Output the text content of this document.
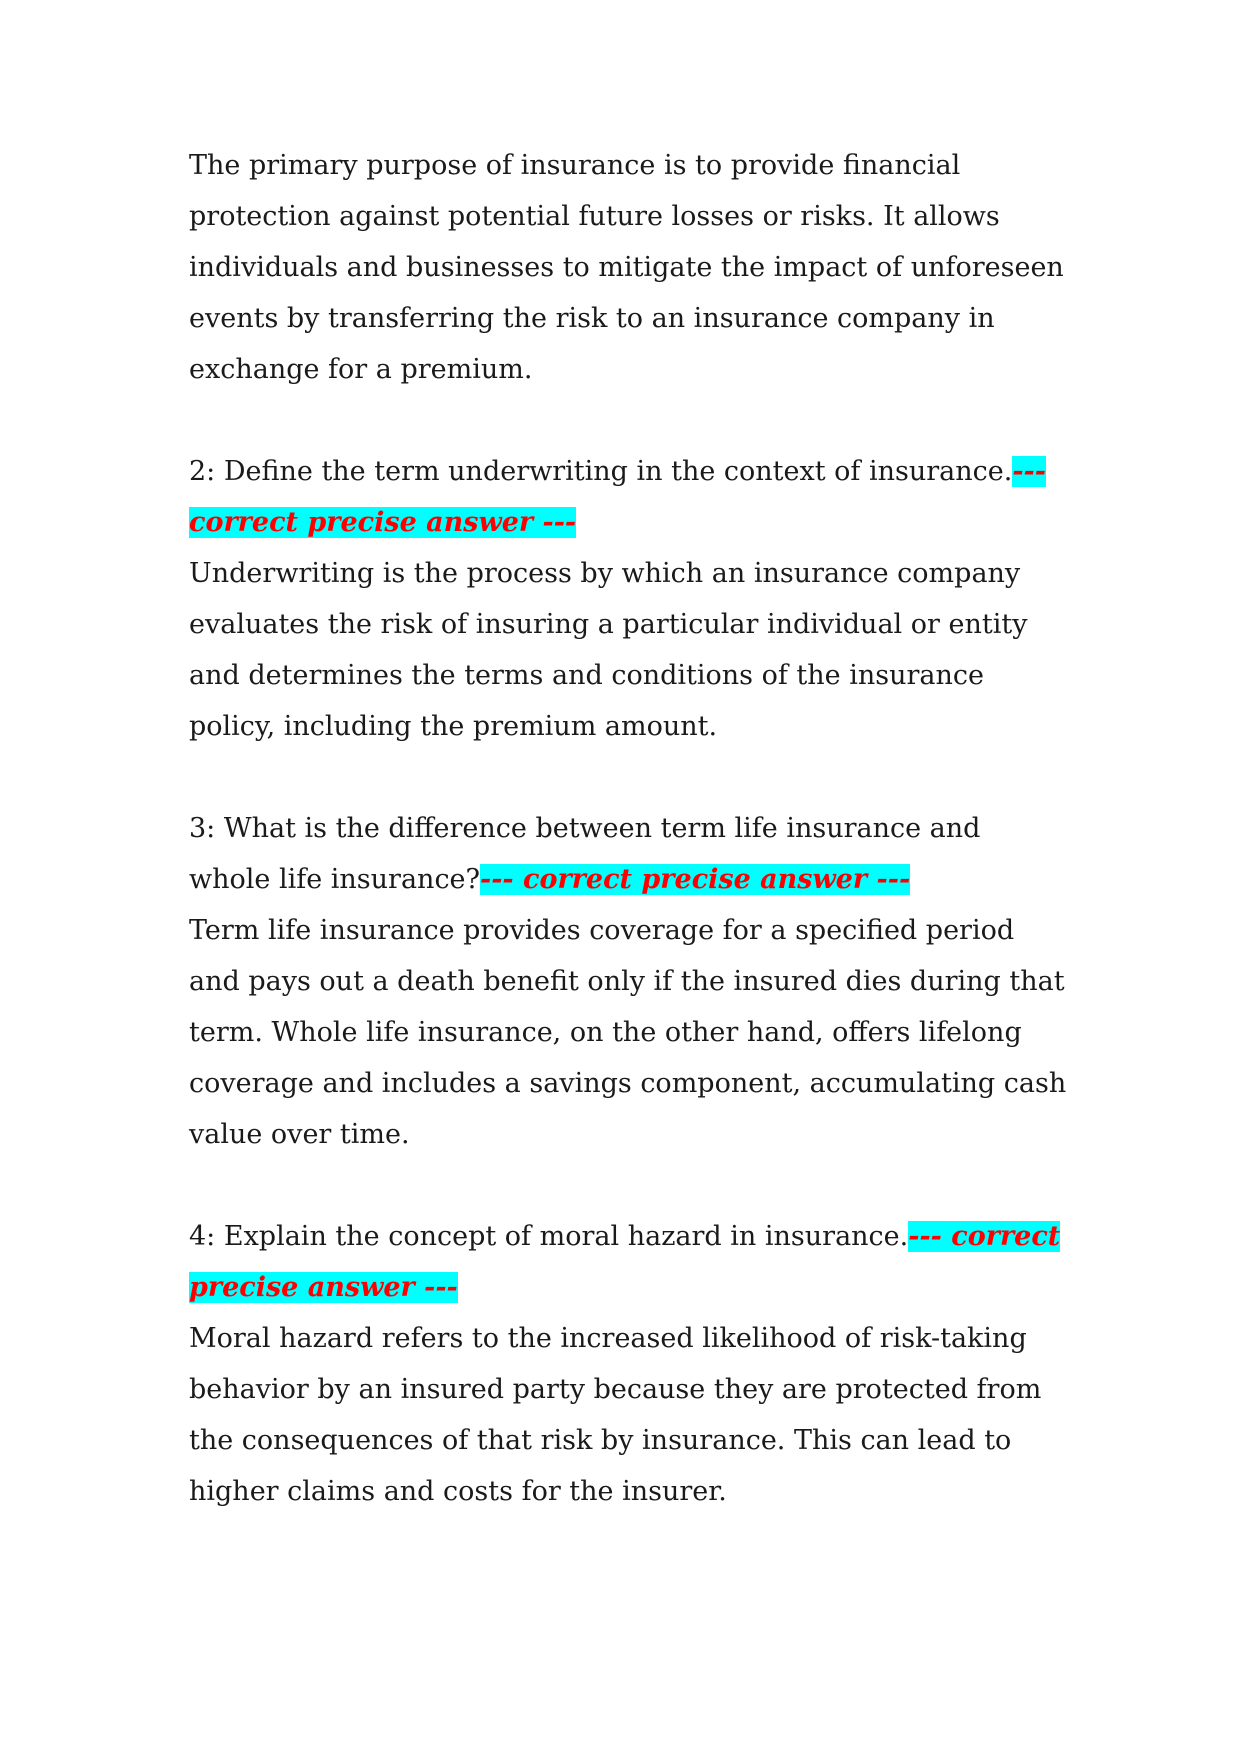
The primary purpose of insurance is to provide financial protection against potential future losses or risks. It allows individuals and businesses to mitigate the impact of unforeseen events by transferring the risk to an insurance company in exchange for a premium.

2: Define the term underwriting in the context of insurance.--- correct precise answer ---

Underwriting is the process by which an insurance company evaluates the risk of insuring a particular individual or entity and determines the terms and conditions of the insurance policy, including the premium amount.

3: What is the difference between term life insurance and whole life insurance?--- correct precise answer ---

Term life insurance provides coverage for a specified period and pays out a death benefit only if the insured dies during that term. Whole life insurance, on the other hand, offers lifelong coverage and includes a savings component, accumulating cash value over time.

4: Explain the concept of moral hazard in insurance.--- correct precise answer ---

Moral hazard refers to the increased likelihood of risk-taking behavior by an insured party because they are protected from the consequences of that risk by insurance. This can lead to higher claims and costs for the insurer.
